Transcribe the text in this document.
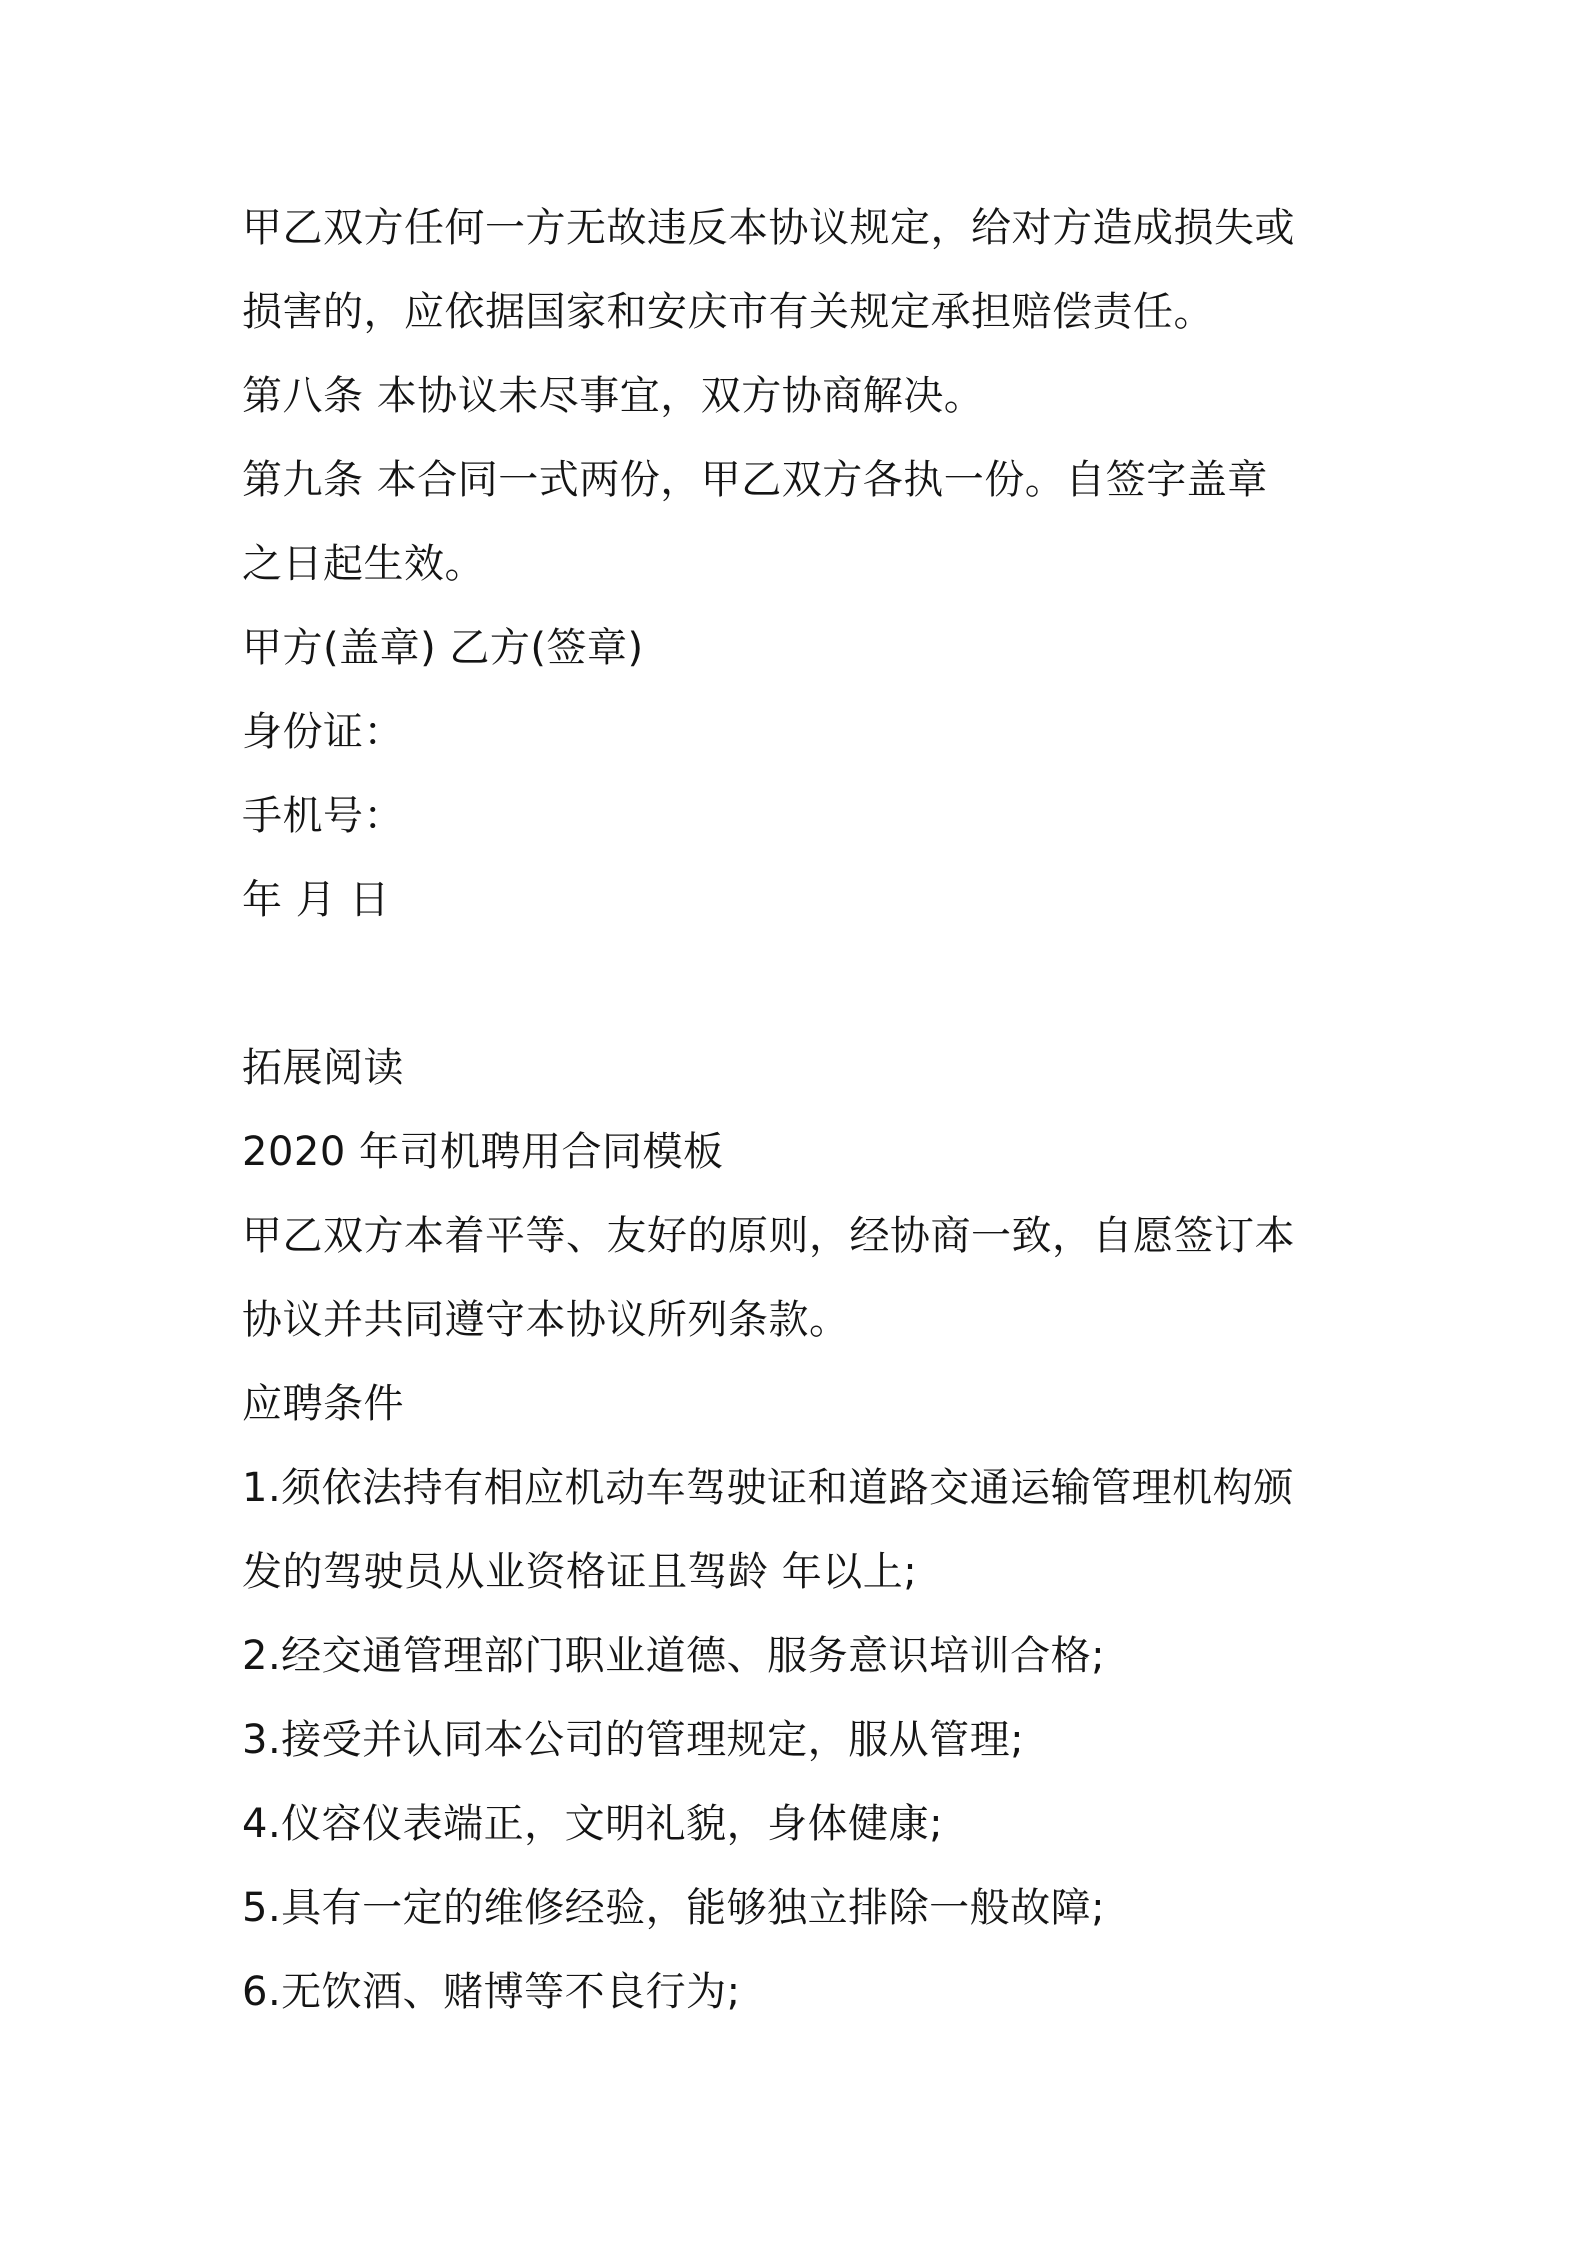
甲乙双方任何一方无故违反本协议规定，给对方造成损失或
损害的，应依据国家和安庆市有关规定承担赔偿责任。
第八条 本协议未尽事宜，双方协商解决。
第九条 本合同一式两份，甲乙双方各执一份。自签字盖章
之日起生效。
甲方(盖章) 乙方(签章)
身份证：
手机号：
年 月 日
拓展阅读
2020 年司机聘用合同模板
甲乙双方本着平等、友好的原则，经协商一致，自愿签订本
协议并共同遵守本协议所列条款。
应聘条件
1.须依法持有相应机动车驾驶证和道路交通运输管理机构颁
发的驾驶员从业资格证且驾龄 年以上;
2.经交通管理部门职业道德、服务意识培训合格;
3.接受并认同本公司的管理规定，服从管理;
4.仪容仪表端正，文明礼貌，身体健康;
5.具有一定的维修经验，能够独立排除一般故障;
6.无饮酒、赌博等不良行为;
